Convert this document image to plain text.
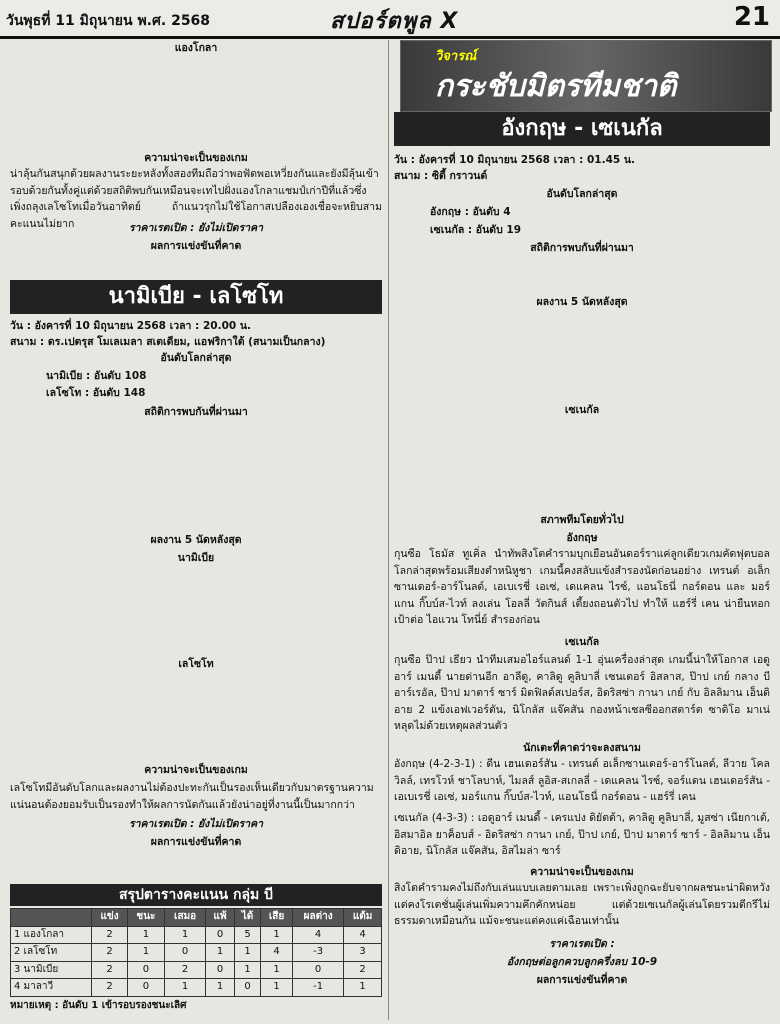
วันพุธที่ 11 มิถุนายน พ.ศ. 2568	สปอร์ตพูล X	21
แองโกลา
ความน่าจะเป็นของเกม
น่าลุ้นกันสนุกด้วยผลงานระยะหลังทั้งสองทีมถือว่าพอฟัดพอเหวี่ยงกันและยังมีลุ้นเข้ารอบด้วยกันทั้งคู่แต่ด้วยสถิติพบกันเหมือนจะเทไปฝั่งแองโกลาแชมป์เก่าปีที่แล้วซึ่งเพิ่งถลุงเลโซโทเมื่อวันอาทิตย์ ถ้าแนวรุกไม่ใช้โอกาสเปลืองเองเชื่อจะหยิบสามคะแนนไม่ยาก	ราคาเรตเปิด : ยังไม่เปิดราคา
ผลการแข่งขันที่คาด
นามิเบีย - เลโซโท
วัน : อังคารที่ 10 มิถุนายน 2568 เวลา : 20.00 น.
สนาม : ดร.เปตรุส โมเลเมลา สเตเดียม, แอฟริกาใต้ (สนามเป็นกลาง)
อันดับโลกล่าสุด
นามิเบีย : อันดับ 108
เลโซโท : อันดับ 148
สถิติการพบกันที่ผ่านมา
ผลงาน 5 นัดหลังสุด
นามิเบีย
เลโซโท
ความน่าจะเป็นของเกม
เลโซโทมีอันดับโลกและผลงานไม่ต้องปะทะกันเป็นรองเห็นเดียวกับมาตรฐานความแน่นอนต้องยอมรับเป็นรองทำให้ผลการนัดกันแล้วยังน่าอยู่ที่งานนี้เป็นมากกว่า
ราคาเรตเปิด : ยังไม่เปิดราคา
ผลการแข่งขันที่คาด
สรุปตารางคะแนน กลุ่ม บี
	แข่ง	ชนะ	เสมอ	แพ้	ได้	เสีย	ผลต่าง	แต้ม
1 แองโกลา	2	1	1	0	5	1	4	4
2 เลโซโท	2	1	0	1	1	4	-3	3
3 นามิเบีย	2	0	2	0	1	1	0	2
4 มาลาวี	2	0	1	1	0	1	-1	1
หมายเหตุ : อันดับ 1 เข้ารอบรองชนะเลิศ
วิจารณ์
กระชับมิตรทีมชาติ
อังกฤษ - เซเนกัล
วัน : อังคารที่ 10 มิถุนายน 2568 เวลา : 01.45 น.
สนาม : ซิตี้ กราวนด์
อันดับโลกล่าสุด
อังกฤษ : อันดับ 4
เซเนกัล : อันดับ 19
สถิติการพบกันที่ผ่านมา
ผลงาน 5 นัดหลังสุด
เซเนกัล
สภาพทีมโดยทั่วไป
อังกฤษ
กุนซือ โธมัส ทูเคิ่ล นำทัพสิงโตคำรามบุกเยือนอันดอร์ราแค่ลูกเดียวเกมคัดฟุตบอลโลกล่าสุดพร้อมเสียงตำหนิหูชา เกมนี้คงสลับแข้งสำรองนัดก่อนอย่าง เทรนต์ อเล็กซานเดอร์-อาร์โนลด์, เอเบเรชี่ เอเซ่, เดแคลน ไรซ์, แอนโธนี่ กอร์ดอน และ มอร์แกน กิ๊บบ์ส-ไวท์ ลงเล่น โอลลี่ วัตกินส์ เตี้ยงถอนตัวไป ทำให้ แฮร์รี่ เคน น่ายืนหอกเป้าต่อ ไอแวน โทนี่ย์ สำรองก่อน
เซเนกัล
กุนซือ ป๊าป เธียว นำทีมเสมอไอร์แลนด์ 1-1 อุ่นเครื่องล่าสุด เกมนี้น่าให้โอกาส เอดูอาร์ เมนดี้ นายด่านอีก อาลีดู, คาลิดู คูลิบาลี่ เซนเตอร์ อิสลาส, ป๊าป เกย์ กลาง บีอาร์เรอัล, ป๊าป มาตาร์ ซาร์ มิดฟิลด์สเปอร์ส, อิดริสซ่า กานา เกย์ กับ อิลลิมาน เอ็นดิอาย 2 แข้งเอฟเวอร์ตัน, นิโกลัส แจ๊คสัน กองหน้าเชลซีออกสตาร์ต ซาดิโอ มาเน่ หลุดไม่ด้วยเหตุผลส่วนตัว
นักเตะที่คาดว่าจะลงสนาม
อังกฤษ (4-2-3-1) : ดีน เฮนเดอร์สัน - เทรนต์ อเล็กซานเดอร์-อาร์โนลด์, ลีวาย โคลวิลล์, เทรโวห์ ชาโลบาห์, ไมลส์ ลูอิส-สเกลลี่ - เดแคลน ไรซ์, จอร์แดน เฮนเดอร์สัน - เอเบเรชี่ เอเซ่, มอร์แกน กิ๊บบ์ส-ไวท์, แอนโธนี่ กอร์ดอน - แฮร์รี่ เคน
เซเนกัล (4-3-3) : เอดูอาร์ เมนดี้ - เครแปง ดิยัตต้า, คาลิดู คูลิบาลี่, มูสซ่า เนียกาเต้, อิสมาอิล ยาค็อบส์ - อิดริสซ่า กานา เกย์, ป๊าป เกย์, ป๊าป มาตาร์ ซาร์ - อิลลิมาน เอ็นดิอาย, นิโกลัส แจ๊คสัน, อิสไมล่า ซาร์
ความน่าจะเป็นของเกม
สิงโตคำรามคงไม่ถึงกับเล่นแบบเลยตามเลย เพราะเพิ่งถูกฉะยับจากผลชนะน่าผิดหวัง แต่คงโรเตชั่นผู้เล่นเพิ่มความคึกคักหน่อย แต่ด้วยเซเนกัลผู้เล่นโดยรวมดีกรีไม่ธรรมดาเหมือนกัน แม้จะชนะแต่คงแค่เฉือนเท่านั้น
ราคาเรตเปิด :
อังกฤษต่อลูกควบลูกครึ่งลบ 10-9
ผลการแข่งขันที่คาด
